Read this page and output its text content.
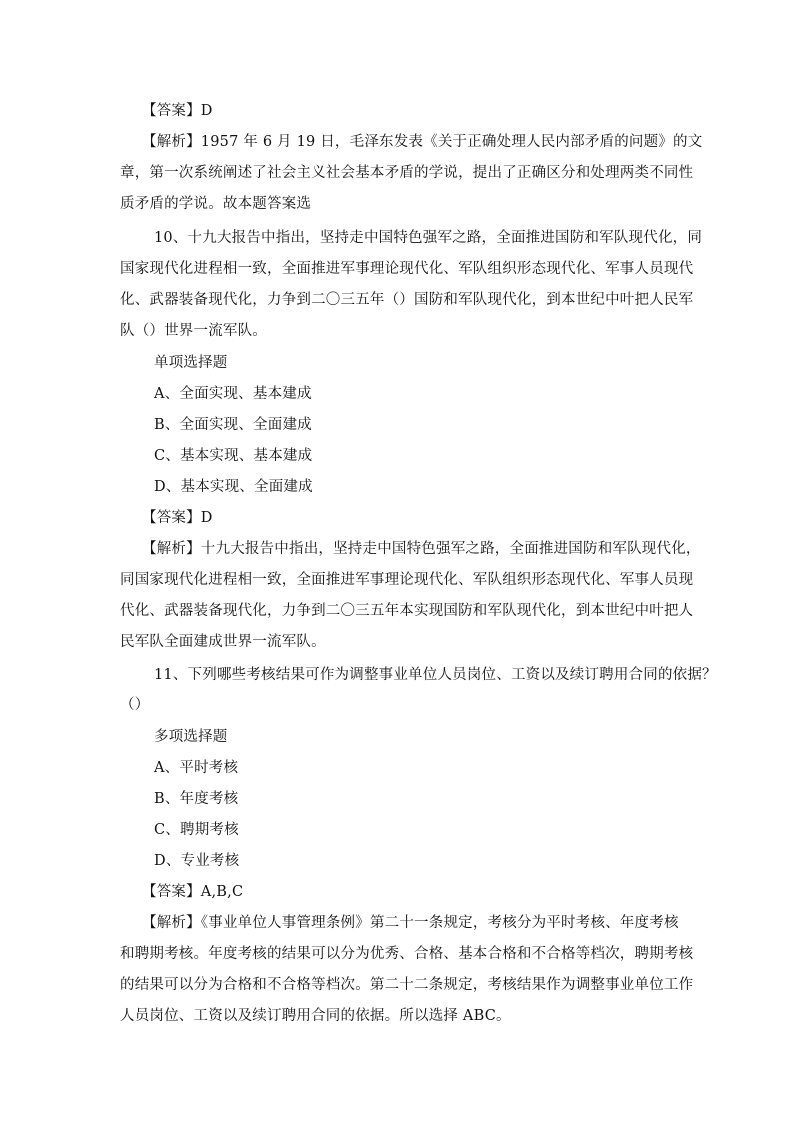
【答案】D
【解析】1957 年 6 月 19 日，毛泽东发表《关于正确处理人民内部矛盾的问题》的文
章，第一次系统阐述了社会主义社会基本矛盾的学说，提出了正确区分和处理两类不同性
质矛盾的学说。故本题答案选
10、十九大报告中指出，坚持走中国特色强军之路，全面推进国防和军队现代化，同
国家现代化进程相一致，全面推进军事理论现代化、军队组织形态现代化、军事人员现代
化、武器装备现代化，力争到二〇三五年（）国防和军队现代化，到本世纪中叶把人民军
队（）世界一流军队。
单项选择题
A、全面实现、基本建成
B、全面实现、全面建成
C、基本实现、基本建成
D、基本实现、全面建成
【答案】D
【解析】十九大报告中指出，坚持走中国特色强军之路，全面推进国防和军队现代化，
同国家现代化进程相一致，全面推进军事理论现代化、军队组织形态现代化、军事人员现
代化、武器装备现代化，力争到二〇三五年本实现国防和军队现代化，到本世纪中叶把人
民军队全面建成世界一流军队。
11、下列哪些考核结果可作为调整事业单位人员岗位、工资以及续订聘用合同的依据？
（）
多项选择题
A、平时考核
B、年度考核
C、聘期考核
D、专业考核
【答案】A,B,C
【解析】《事业单位人事管理条例》第二十一条规定，考核分为平时考核、年度考核
和聘期考核。年度考核的结果可以分为优秀、合格、基本合格和不合格等档次，聘期考核
的结果可以分为合格和不合格等档次。第二十二条规定，考核结果作为调整事业单位工作
人员岗位、工资以及续订聘用合同的依据。所以选择 ABC。
